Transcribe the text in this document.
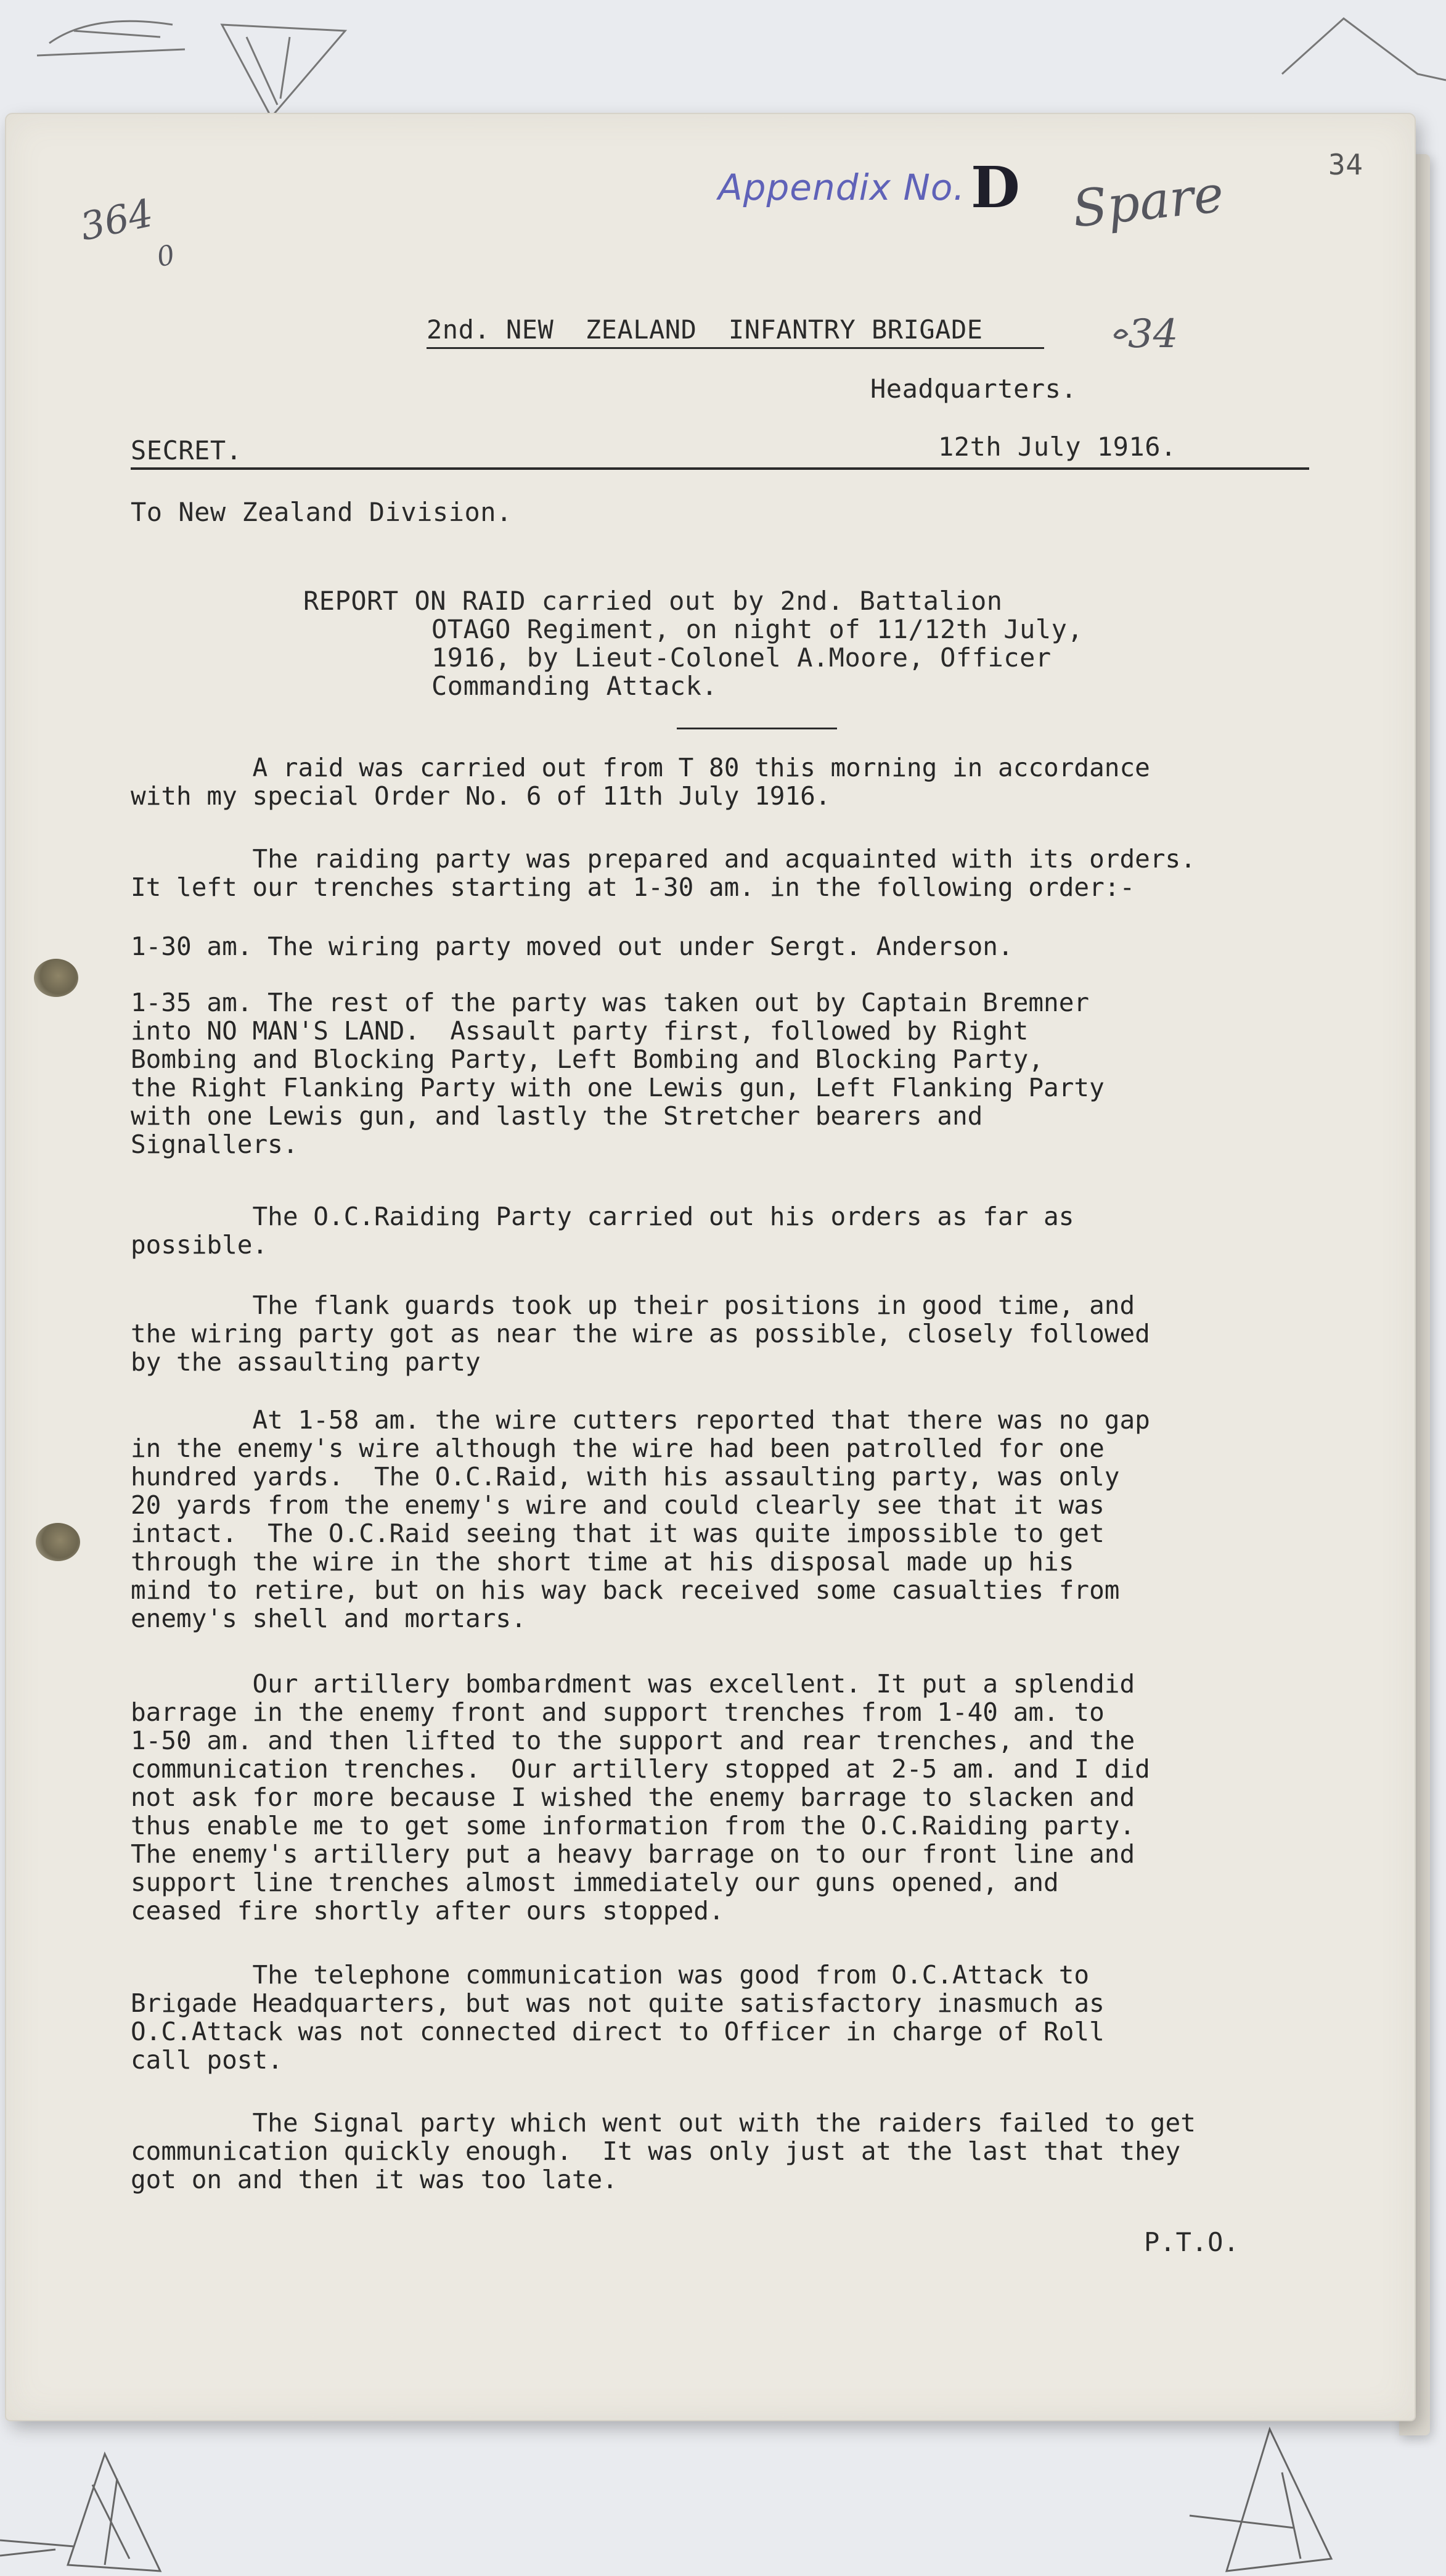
34
364
0
Appendix No. D Spare
34
2nd. NEW  ZEALAND  INFANTRY BRIGADE
Headquarters.
SECRET.	12th July 1916.
To New Zealand Division.
REPORT ON RAID carried out by 2nd. Battalion
OTAGO Regiment, on night of 11/12th July,
1916, by Lieut-Colonel A.Moore, Officer
Commanding Attack.
A raid was carried out from T 80 this morning in accordance
with my special Order No. 6 of 11th July 1916.
The raiding party was prepared and acquainted with its orders.
It left our trenches starting at 1-30 am. in the following order:-
1-30 am. The wiring party moved out under Sergt. Anderson.
1-35 am. The rest of the party was taken out by Captain Bremner
into NO MAN'S LAND.  Assault party first, followed by Right
Bombing and Blocking Party, Left Bombing and Blocking Party,
the Right Flanking Party with one Lewis gun, Left Flanking Party
with one Lewis gun, and lastly the Stretcher bearers and
Signallers.
The O.C.Raiding Party carried out his orders as far as
possible.
The flank guards took up their positions in good time, and
the wiring party got as near the wire as possible, closely followed
by the assaulting party
At 1-58 am. the wire cutters reported that there was no gap
in the enemy's wire although the wire had been patrolled for one
hundred yards.  The O.C.Raid, with his assaulting party, was only
20 yards from the enemy's wire and could clearly see that it was
intact.  The O.C.Raid seeing that it was quite impossible to get
through the wire in the short time at his disposal made up his
mind to retire, but on his way back received some casualties from
enemy's shell and mortars.
Our artillery bombardment was excellent. It put a splendid
barrage in the enemy front and support trenches from 1-40 am. to
1-50 am. and then lifted to the support and rear trenches, and the
communication trenches.  Our artillery stopped at 2-5 am. and I did
not ask for more because I wished the enemy barrage to slacken and
thus enable me to get some information from the O.C.Raiding party.
The enemy's artillery put a heavy barrage on to our front line and
support line trenches almost immediately our guns opened, and
ceased fire shortly after ours stopped.
The telephone communication was good from O.C.Attack to
Brigade Headquarters, but was not quite satisfactory inasmuch as
O.C.Attack was not connected direct to Officer in charge of Roll
call post.
The Signal party which went out with the raiders failed to get
communication quickly enough.  It was only just at the last that they
got on and then it was too late.
P.T.O.
